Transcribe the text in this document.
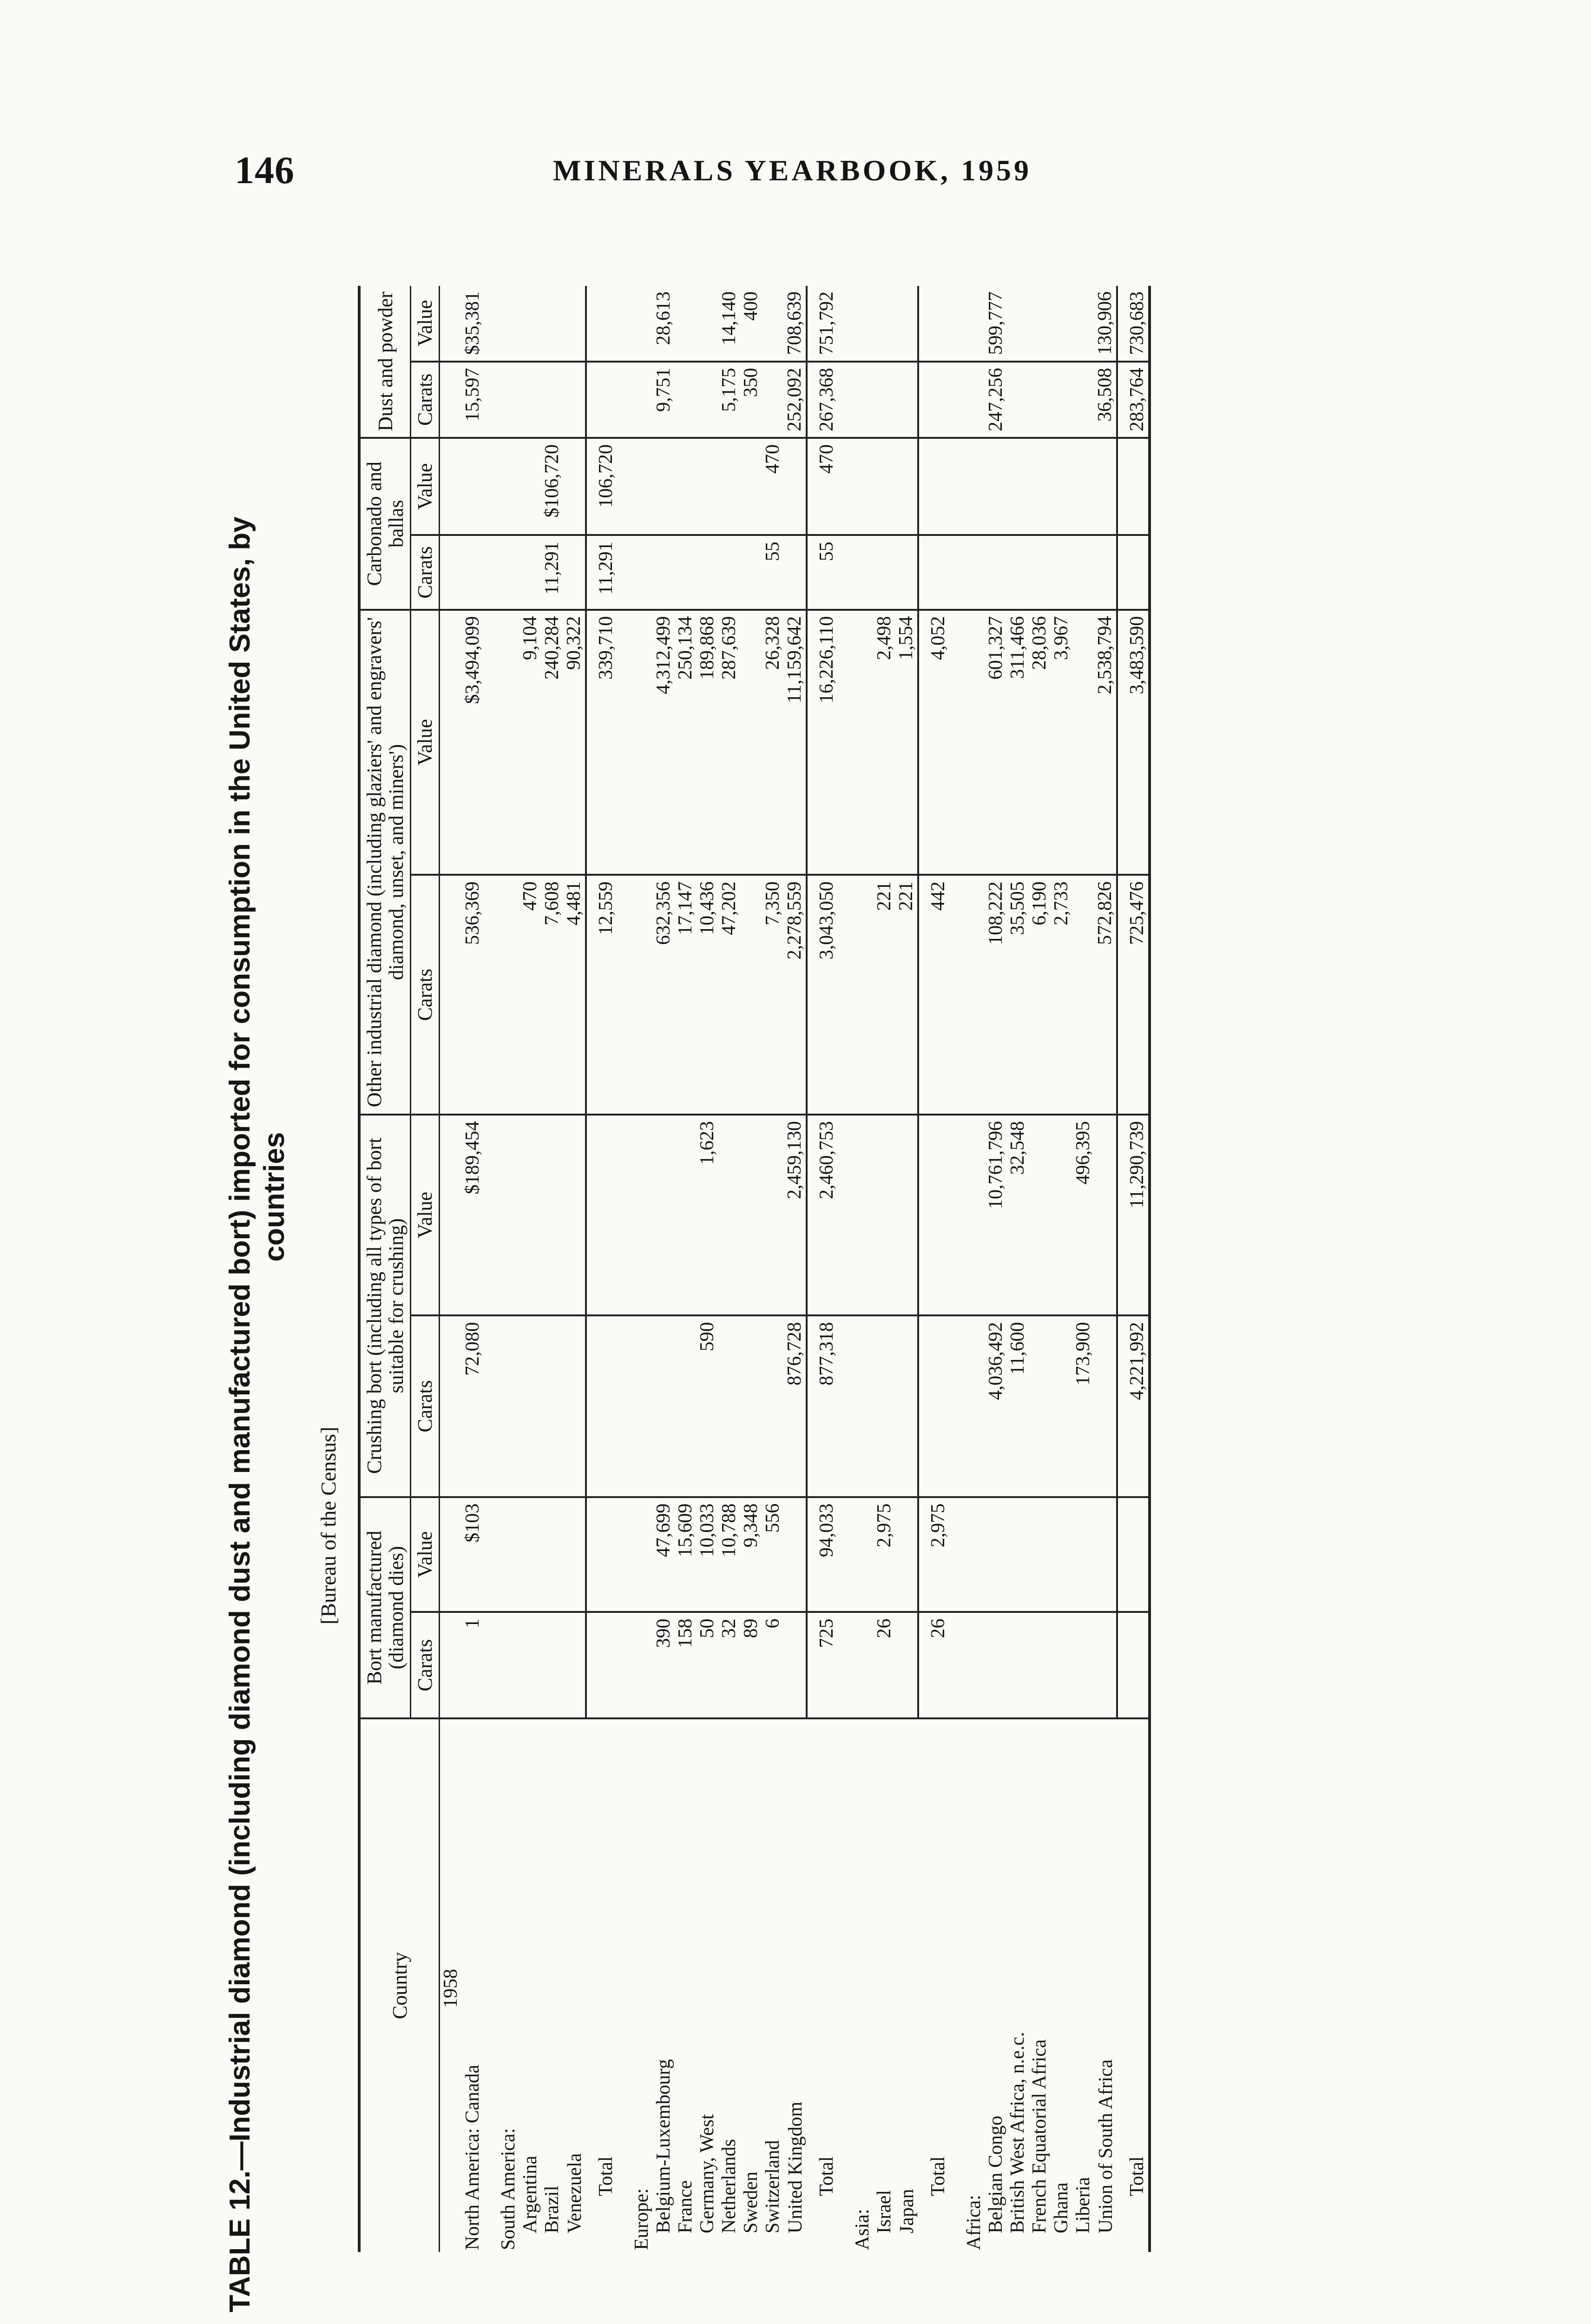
146	MINERALS YEARBOOK, 1959
TABLE 12.—Industrial diamond (including diamond dust and manufactured bort) imported for consumption in the United States, by countries
[Bureau of the Census]
Country	Bort manufactured (diamond dies)		Crushing bort (including all types of bort suitable for crushing)		Other industrial diamond (including glaziers' and engravers' diamond, unset, and miners')		Carbonado and ballas		Dust and powder	
	Carats	Value	Carats	Value	Carats	Value	Carats	Value	Carats	Value
1958										
North America: Canada	1	$103	72,080	$189,454	536,369	$3,494,099			15,597	$35,381

South America:										
Argentina					470	9,104				
Brazil					7,608	240,284	11,291	$106,720		
Venezuela					4,481	90,322				
Total					12,559	339,710	11,291	106,720		

Europe:										
Belgium-Luxembourg	390	47,699			632,356	4,312,499			9,751	28,613
France	158	15,609			17,147	250,134				
Germany, West	50	10,033	590	1,623	10,436	189,868				
Netherlands	32	10,788			47,202	287,639			5,175	14,140
Sweden	89	9,348							350	400
Switzerland	6	556			7,350	26,328	55	470		
United Kingdom			876,728	2,459,130	2,278,559	11,159,642			252,092	708,639
Total	725	94,033	877,318	2,460,753	3,043,050	16,226,110	55	470	267,368	751,792

Asia:										
Israel	26	2,975			221	2,498				
Japan					221	1,554				
Total	26	2,975			442	4,052				

Africa:										
Belgian Congo			4,036,492	10,761,796	108,222	601,327			247,256	599,777
British West Africa, n.e.c.			11,600	32,548	35,505	311,466				
French Equatorial Africa					6,190	28,036				
Ghana					2,733	3,967				
Liberia			173,900	496,395						
Union of South Africa					572,826	2,538,794			36,508	130,906
Total			4,221,992	11,290,739	725,476	3,483,590			283,764	730,683
